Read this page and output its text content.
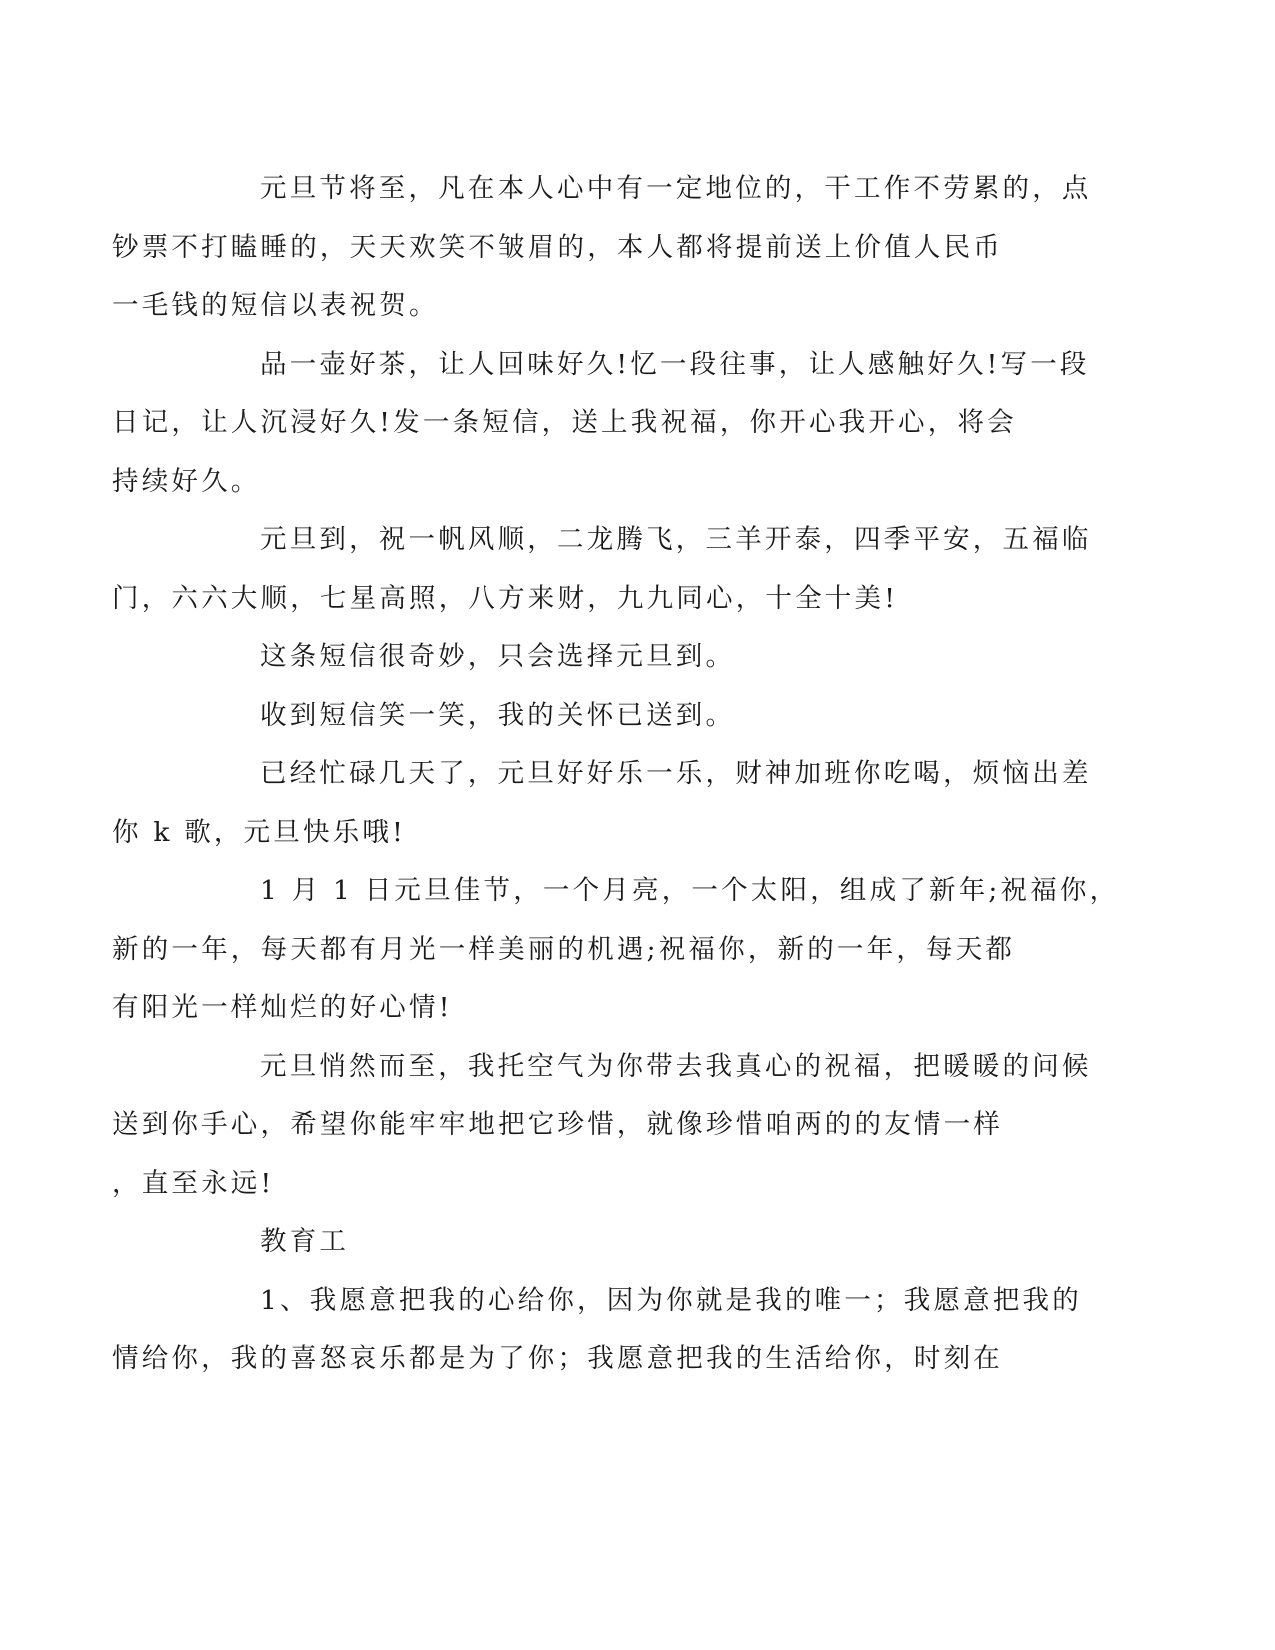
元旦节将至，凡在本人心中有一定地位的，干工作不劳累的，点
钞票不打瞌睡的，天天欢笑不皱眉的，本人都将提前送上价值人民币
一毛钱的短信以表祝贺。

品一壶好茶，让人回味好久!忆一段往事，让人感触好久!写一段
日记，让人沉浸好久!发一条短信，送上我祝福，你开心我开心，将会
持续好久。

元旦到，祝一帆风顺，二龙腾飞，三羊开泰，四季平安，五福临
门，六六大顺，七星高照，八方来财，九九同心，十全十美!

这条短信很奇妙，只会选择元旦到。

收到短信笑一笑，我的关怀已送到。

已经忙碌几天了，元旦好好乐一乐，财神加班你吃喝，烦恼出差
你 k 歌，元旦快乐哦!

1 月 1 日元旦佳节，一个月亮，一个太阳，组成了新年;祝福你，
新的一年，每天都有月光一样美丽的机遇;祝福你，新的一年，每天都
有阳光一样灿烂的好心情!

元旦悄然而至，我托空气为你带去我真心的祝福，把暖暖的问候
送到你手心，希望你能牢牢地把它珍惜，就像珍惜咱两的的友情一样
，直至永远!

教育工

1、我愿意把我的心给你，因为你就是我的唯一；我愿意把我的
情给你，我的喜怒哀乐都是为了你；我愿意把我的生活给你，时刻在
